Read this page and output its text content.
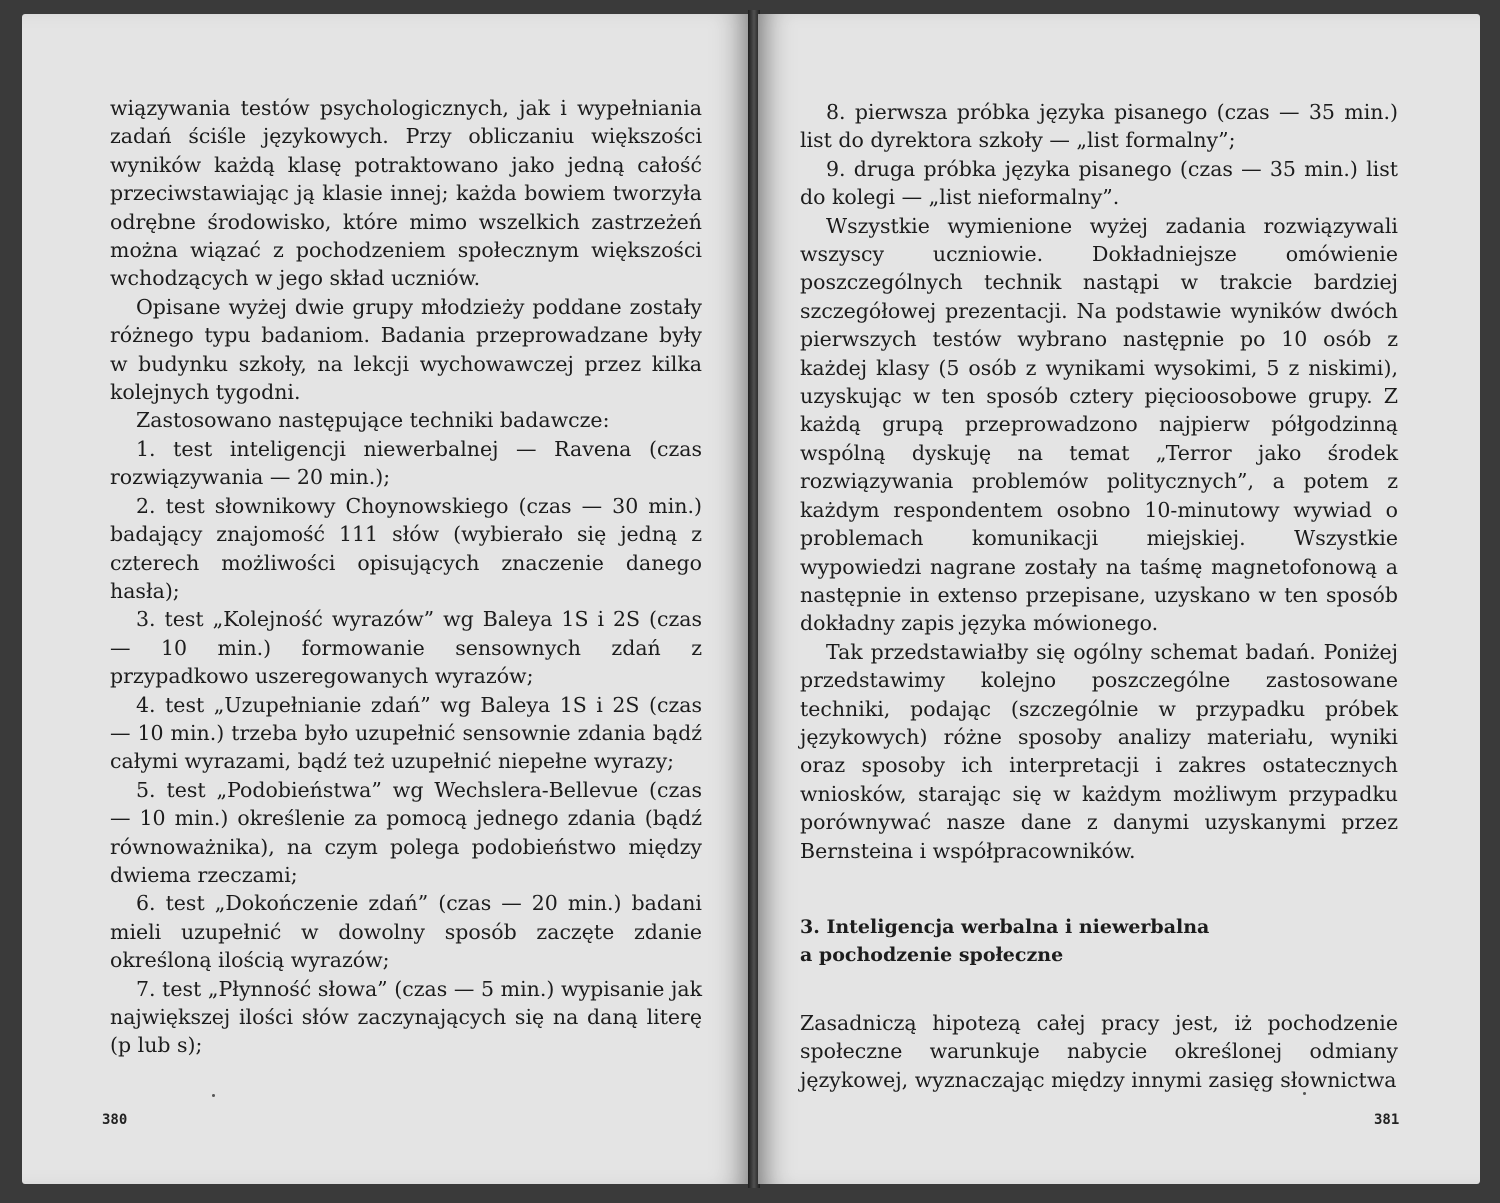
wiązywania testów psychologicznych, jak i wypełniania zadań ściśle językowych. Przy obliczaniu większości wyników każdą klasę potraktowano jako jedną całość przeciwstawiając ją klasie innej; każda bowiem tworzyła odrębne środowisko, które mimo wszelkich zastrzeżeń można wiązać z pochodzeniem społecznym większości wchodzących w jego skład uczniów.

Opisane wyżej dwie grupy młodzieży poddane zostały różnego typu badaniom. Badania przeprowadzane były w budynku szkoły, na lekcji wychowawczej przez kilka kolejnych tygodni.

Zastosowano następujące techniki badawcze:

1. test inteligencji niewerbalnej — Ravena (czas rozwiązywania — 20 min.);

2. test słownikowy Choynowskiego (czas — 30 min.) badający znajomość 111 słów (wybierało się jedną z czterech możliwości opisujących znaczenie danego hasła);

3. test „Kolejność wyrazów” wg Baleya 1S i 2S (czas — 10 min.) formowanie sensownych zdań z przypadkowo uszeregowanych wyrazów;

4. test „Uzupełnianie zdań” wg Baleya 1S i 2S (czas — 10 min.) trzeba było uzupełnić sensownie zdania bądź całymi wyrazami, bądź też uzupełnić niepełne wyrazy;

5. test „Podobieństwa” wg Wechslera-Bellevue (czas — 10 min.) określenie za pomocą jednego zdania (bądź równoważnika), na czym polega podobieństwo między dwiema rzeczami;

6. test „Dokończenie zdań” (czas — 20 min.) badani mieli uzupełnić w dowolny sposób zaczęte zdanie określoną ilością wyrazów;

7. test „Płynność słowa” (czas — 5 min.) wypisanie jak największej ilości słów zaczynających się na daną literę (p lub s);

380

8. pierwsza próbka języka pisanego (czas — 35 min.) list do dyrektora szkoły — „list formalny”;

9. druga próbka języka pisanego (czas — 35 min.) list do kolegi — „list nieformalny”.

Wszystkie wymienione wyżej zadania rozwiązywali wszyscy uczniowie. Dokładniejsze omówienie poszczególnych technik nastąpi w trakcie bardziej szczegółowej prezentacji. Na podstawie wyników dwóch pierwszych testów wybrano następnie po 10 osób z każdej klasy (5 osób z wynikami wysokimi, 5 z niskimi), uzyskując w ten sposób cztery pięcioosobowe grupy. Z każdą grupą przeprowadzono najpierw półgodzinną wspólną dyskuję na temat „Terror jako środek rozwiązywania problemów politycznych”, a potem z każdym respondentem osobno 10-minutowy wywiad o problemach komunikacji miejskiej. Wszystkie wypowiedzi nagrane zostały na taśmę magnetofonową a następnie in extenso przepisane, uzyskano w ten sposób dokładny zapis języka mówionego.

Tak przedstawiałby się ogólny schemat badań. Poniżej przedstawimy kolejno poszczególne zastosowane techniki, podając (szczególnie w przypadku próbek językowych) różne sposoby analizy materiału, wyniki oraz sposoby ich interpretacji i zakres ostatecznych wniosków, starając się w każdym możliwym przypadku porównywać nasze dane z danymi uzyskanymi przez Bernsteina i współpracowników.

3. Inteligencja werbalna i niewerbalna
a pochodzenie społeczne

Zasadniczą hipotezą całej pracy jest, iż pochodzenie społeczne warunkuje nabycie określonej odmiany językowej, wyznaczając między innymi zasięg słownictwa

381
